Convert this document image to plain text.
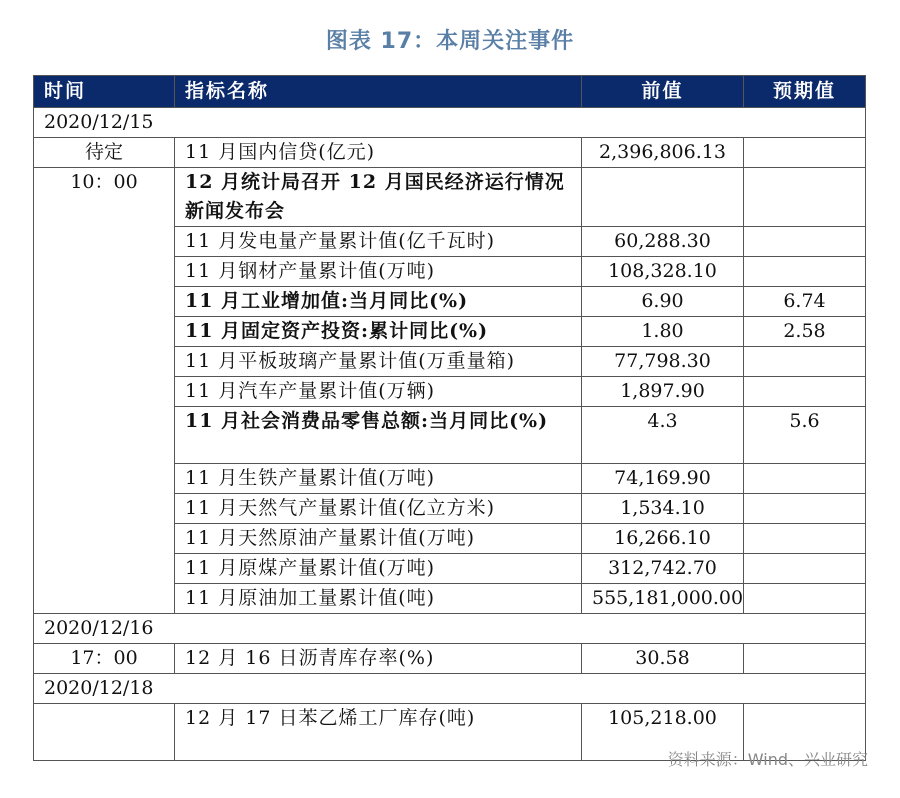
图表 17：本周关注事件
时间	指标名称	前值	预期值
2020/12/15			
待定	11 月国内信贷(亿元)	2,396,806.13	
10：00	12 月统计局召开 12 月国民经济运行情况新闻发布会		
	11 月发电量产量累计值(亿千瓦时)	60,288.30	
	11 月钢材产量累计值(万吨)	108,328.10	
	11 月工业增加值:当月同比(%)	6.90	6.74
	11 月固定资产投资:累计同比(%)	1.80	2.58
	11 月平板玻璃产量累计值(万重量箱)	77,798.30	
	11 月汽车产量累计值(万辆)	1,897.90	
	11 月社会消费品零售总额:当月同比(%)	4.3	5.6
	11 月生铁产量累计值(万吨)	74,169.90	
	11 月天然气产量累计值(亿立方米)	1,534.10	
	11 月天然原油产量累计值(万吨)	16,266.10	
	11 月原煤产量累计值(万吨)	312,742.70	
	11 月原油加工量累计值(吨)	555,181,000.00	
2020/12/16			
17：00	12 月 16 日沥青库存率(%)	30.58	
2020/12/18			
	12 月 17 日苯乙烯工厂库存(吨)	105,218.00	
资料来源：Wind、兴业研究
